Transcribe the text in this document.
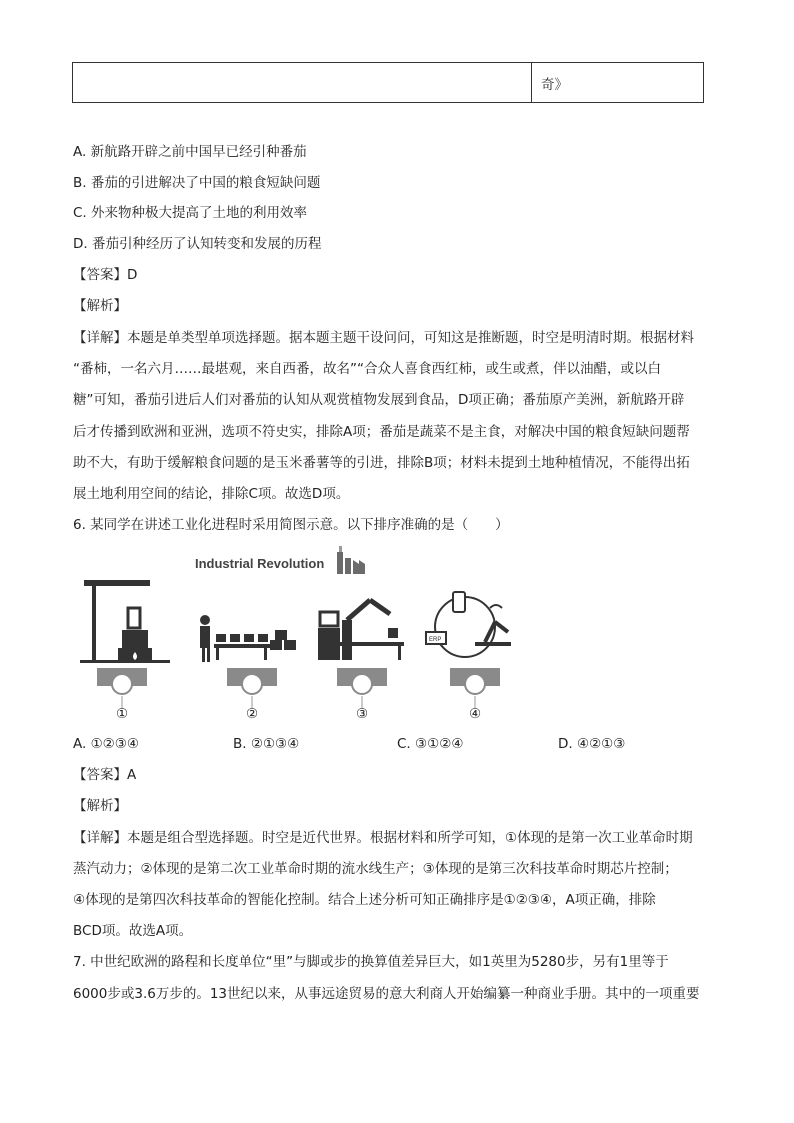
奇》
A. 新航路开辟之前中国早已经引种番茄
B. 番茄的引进解决了中国的粮食短缺问题
C. 外来物种极大提高了土地的利用效率
D. 番茄引种经历了认知转变和发展的历程
【答案】D
【解析】
【详解】本题是单类型单项选择题。据本题主题干设问问，可知这是推断题，时空是明清时期。根据材料
“番柿，一名六月……最堪观，来自西番，故名”“合众人喜食西红柿，或生或煮，伴以油醋，或以白
糖”可知，番茄引进后人们对番茄的认知从观赏植物发展到食品，D项正确；番茄原产美洲，新航路开辟
后才传播到欧洲和亚洲，选项不符史实，排除A项；番茄是蔬菜不是主食，对解决中国的粮食短缺问题帮
助不大，有助于缓解粮食问题的是玉米番薯等的引进，排除B项；材料未提到土地种植情况，不能得出拓
展土地利用空间的结论，排除C项。故选D项。
6. 某同学在讲述工业化进程时采用简图示意。以下排序准确的是（　　）
Industrial Revolution
ERP
①	②	③	④
A. ①②③④	B. ②①③④	C. ③①②④	D. ④②①③
【答案】A
【解析】
【详解】本题是组合型选择题。时空是近代世界。根据材料和所学可知，①体现的是第一次工业革命时期
蒸汽动力；②体现的是第二次工业革命时期的流水线生产；③体现的是第三次科技革命时期芯片控制；
④体现的是第四次科技革命的智能化控制。结合上述分析可知正确排序是①②③④，A项正确，排除
BCD项。故选A项。
7. 中世纪欧洲的路程和长度单位“里”与脚或步的换算值差异巨大，如1英里为5280步，另有1里等于
6000步或3.6万步的。13世纪以来，从事远途贸易的意大利商人开始编纂一种商业手册。其中的一项重要
